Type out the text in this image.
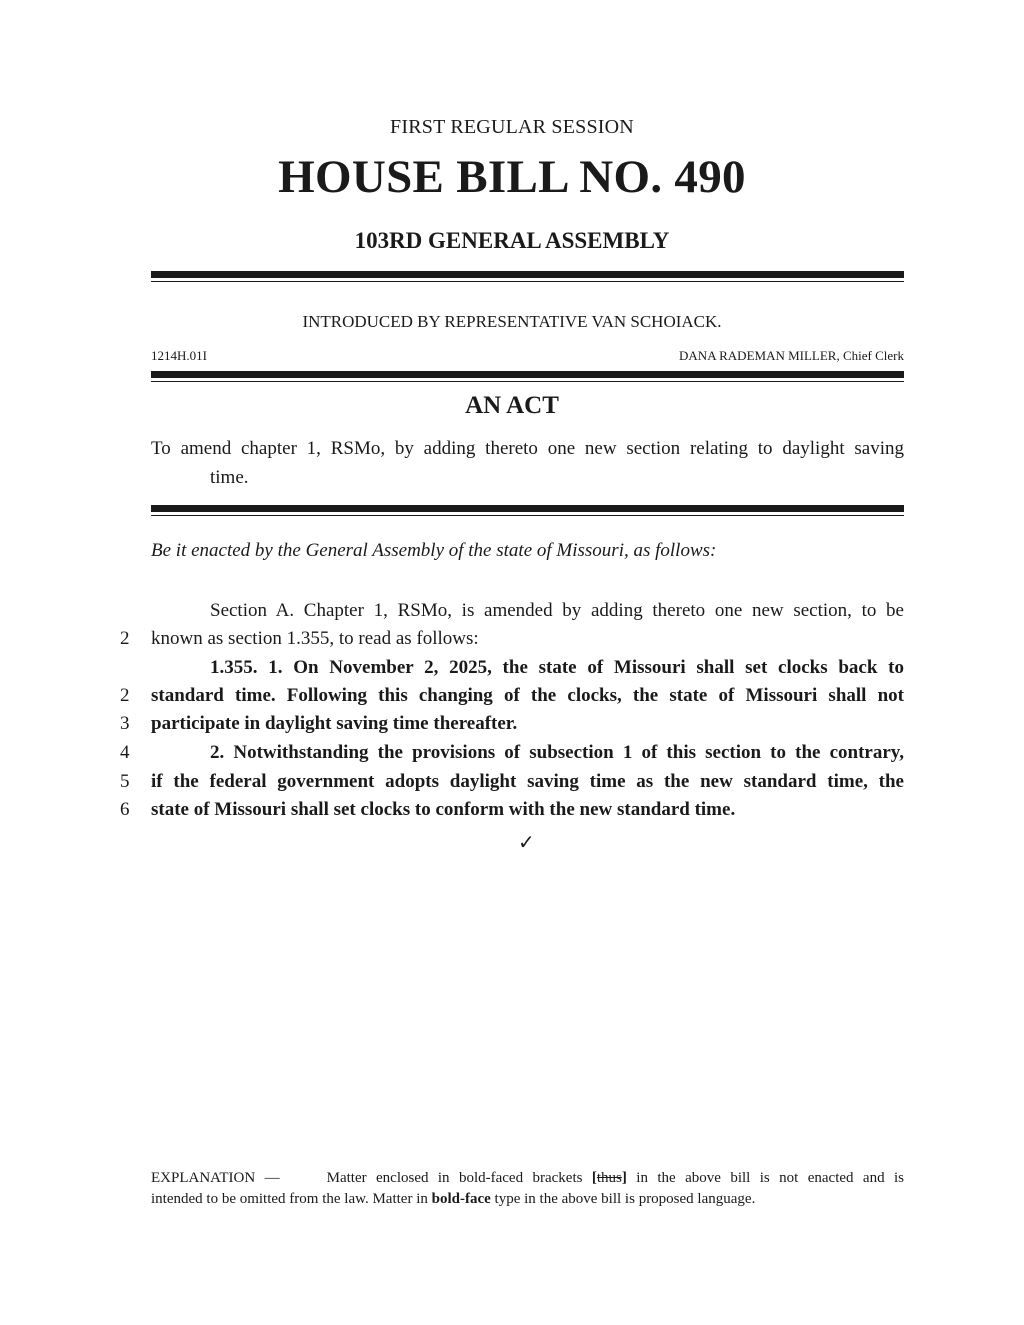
FIRST REGULAR SESSION
HOUSE BILL NO. 490
103RD GENERAL ASSEMBLY
INTRODUCED BY REPRESENTATIVE VAN SCHOIACK.
1214H.01I	DANA RADEMAN MILLER, Chief Clerk
AN ACT
To amend chapter 1, RSMo, by adding thereto one new section relating to daylight saving
time.
Be it enacted by the General Assembly of the state of Missouri, as follows:
Section A. Chapter 1, RSMo, is amended by adding thereto one new section, to be
2 known as section 1.355, to read as follows:
1.355. 1. On November 2, 2025, the state of Missouri shall set clocks back to
2 standard time. Following this changing of the clocks, the state of Missouri shall not
3 participate in daylight saving time thereafter.
4	2. Notwithstanding the provisions of subsection 1 of this section to the contrary,
5 if the federal government adopts daylight saving time as the new standard time, the
6 state of Missouri shall set clocks to conform with the new standard time.
✓
EXPLANATION —	Matter enclosed in bold-faced brackets [thus] in the above bill is not enacted and is
intended to be omitted from the law. Matter in bold-face type in the above bill is proposed language.
